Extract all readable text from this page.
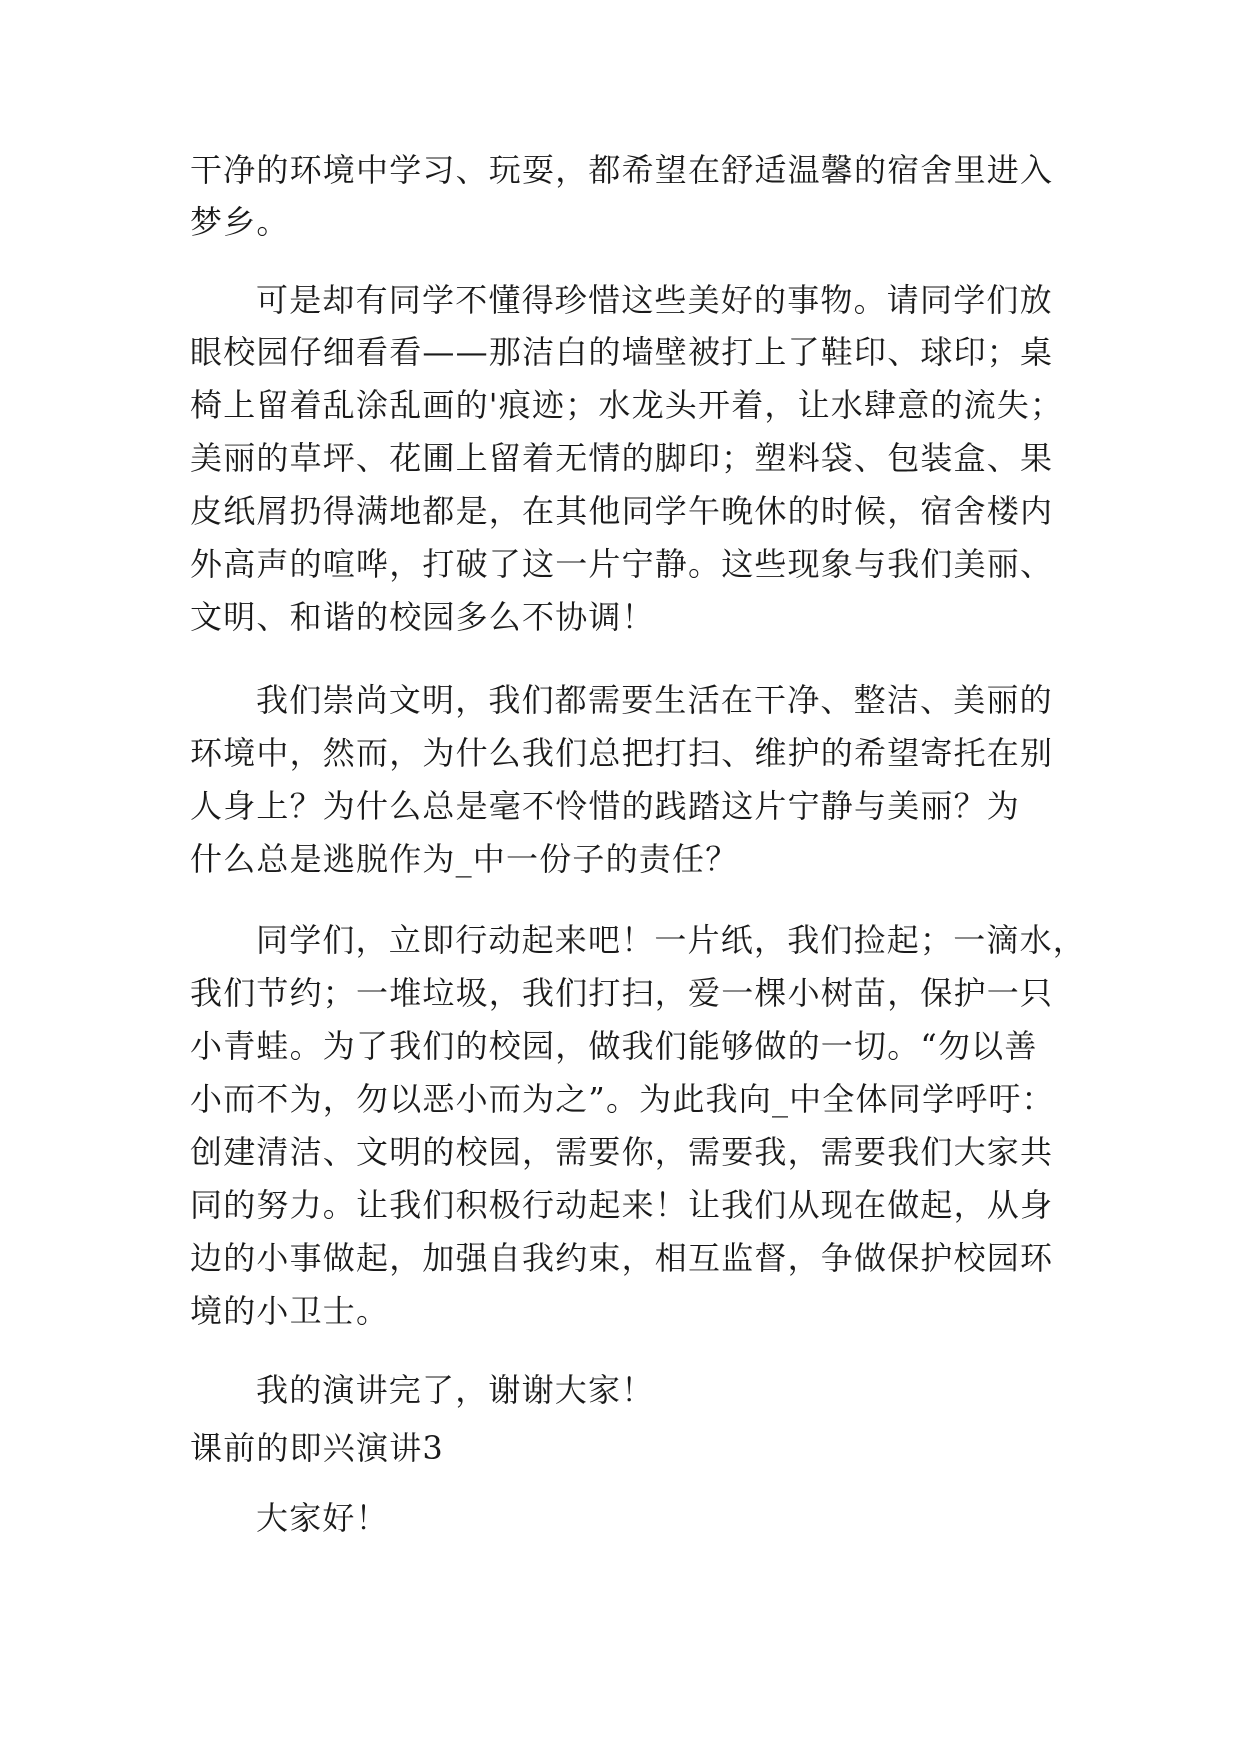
干净的环境中学习、玩耍，都希望在舒适温馨的宿舍里进入
梦乡。
可是却有同学不懂得珍惜这些美好的事物。请同学们放
眼校园仔细看看——那洁白的墙壁被打上了鞋印、球印；桌
椅上留着乱涂乱画的'痕迹；水龙头开着，让水肆意的流失；
美丽的草坪、花圃上留着无情的脚印；塑料袋、包装盒、果
皮纸屑扔得满地都是，在其他同学午晚休的时候，宿舍楼内
外高声的喧哗，打破了这一片宁静。这些现象与我们美丽、
文明、和谐的校园多么不协调！
我们崇尚文明，我们都需要生活在干净、整洁、美丽的
环境中，然而，为什么我们总把打扫、维护的希望寄托在别
人身上？为什么总是毫不怜惜的践踏这片宁静与美丽？为
什么总是逃脱作为_中一份子的责任？
同学们，立即行动起来吧！一片纸，我们捡起；一滴水，
我们节约；一堆垃圾，我们打扫，爱一棵小树苗，保护一只
小青蛙。为了我们的校园，做我们能够做的一切。“勿以善
小而不为，勿以恶小而为之”。为此我向_中全体同学呼吁：
创建清洁、文明的校园，需要你，需要我，需要我们大家共
同的努力。让我们积极行动起来！让我们从现在做起，从身
边的小事做起，加强自我约束，相互监督，争做保护校园环
境的小卫士。
我的演讲完了，谢谢大家！
课前的即兴演讲3
大家好！
